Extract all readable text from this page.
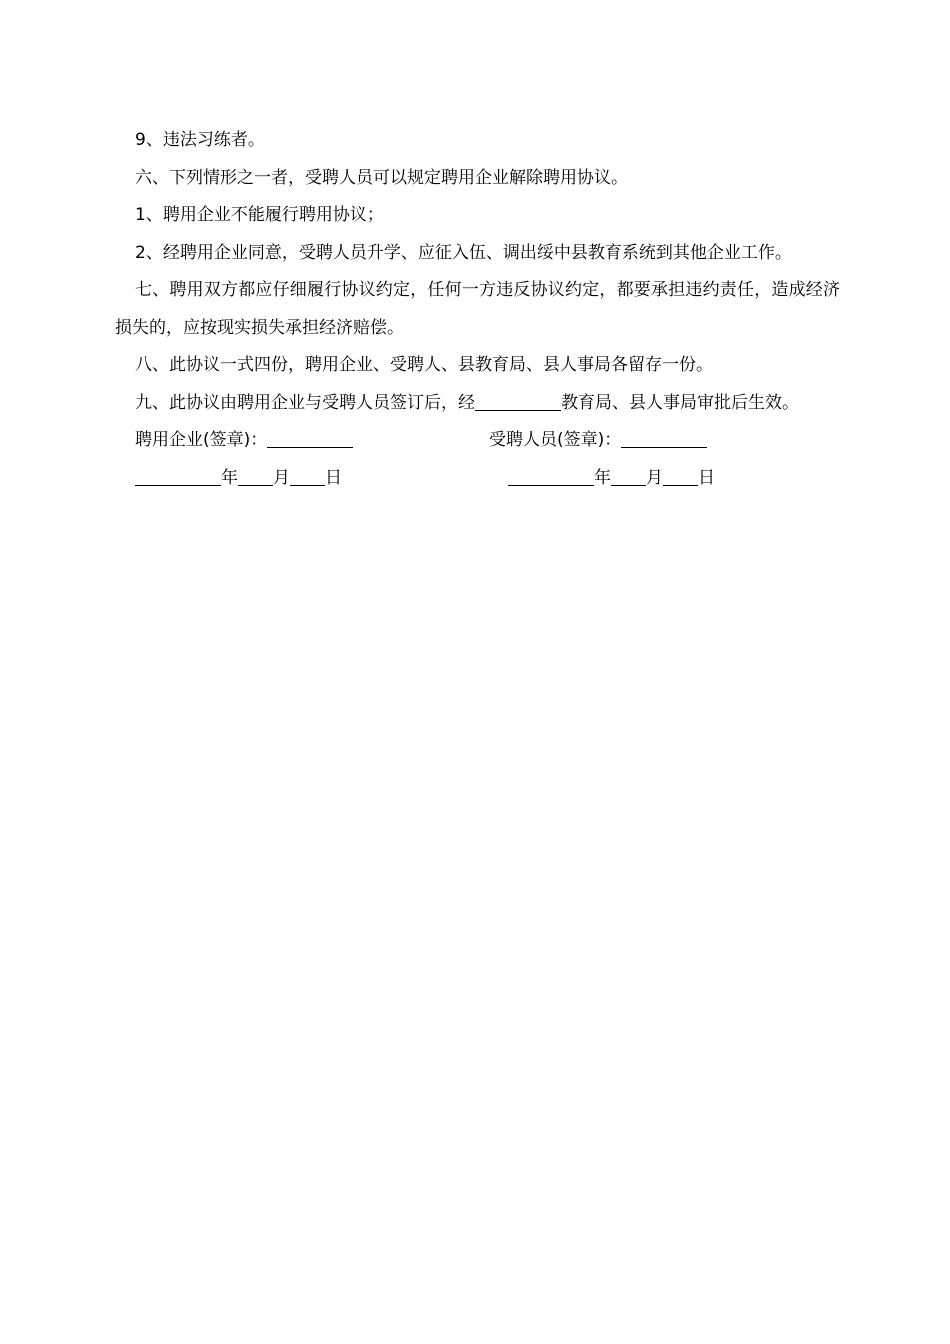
9、违法习练者。

六、下列情形之一者，受聘人员可以规定聘用企业解除聘用协议。

1、聘用企业不能履行聘用协议；

2、经聘用企业同意，受聘人员升学、应征入伍、调出绥中县教育系统到其他企业工作。

七、聘用双方都应仔细履行协议约定，任何一方违反协议约定，都要承担违约责任，造成经济损失的，应按现实损失承担经济赔偿。

八、此协议一式四份，聘用企业、受聘人、县教育局、县人事局各留存一份。

九、此协议由聘用企业与受聘人员签订后，经	教育局、县人事局审批后生效。

聘用企业(签章)：	受聘人员(签章)：
年 月 日	年 月 日
